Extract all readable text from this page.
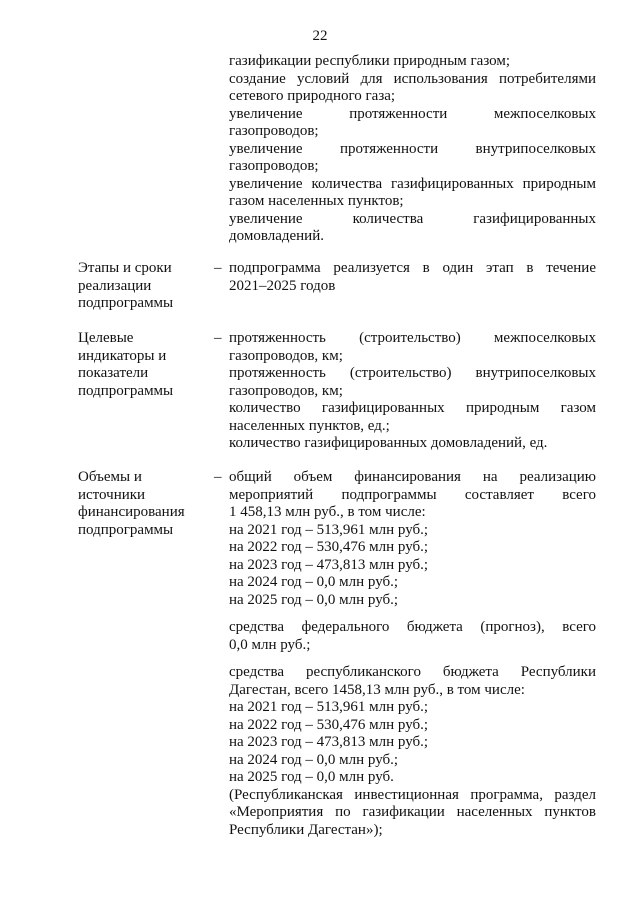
22
газификации республики природным газом;
создание условий для использования потребителями
сетевого природного газа;
увеличение протяженности межпоселковых
газопроводов;
увеличение протяженности внутрипоселковых
газопроводов;
увеличение количества газифицированных природным
газом населенных пунктов;
увеличение количества газифицированных
домовладений.
Этапы и сроки
реализации
подпрограммы
– подпрограмма реализуется в один этап в течение
2021–2025 годов
Целевые
индикаторы и
показатели
подпрограммы
– протяженность (строительство) межпоселковых
газопроводов, км;
протяженность (строительство) внутрипоселковых
газопроводов, км;
количество газифицированных природным газом
населенных пунктов, ед.;
количество газифицированных домовладений, ед.
Объемы и
источники
финансирования
подпрограммы
– общий объем финансирования на реализацию
мероприятий подпрограммы составляет всего
1 458,13 млн руб., в том числе:
на 2021 год – 513,961 млн руб.;
на 2022 год – 530,476 млн руб.;
на 2023 год – 473,813 млн руб.;
на 2024 год – 0,0 млн руб.;
на 2025 год – 0,0 млн руб.;
средства федерального бюджета (прогноз), всего
0,0 млн руб.;
средства республиканского бюджета Республики
Дагестан, всего 1458,13 млн руб., в том числе:
на 2021 год – 513,961 млн руб.;
на 2022 год – 530,476 млн руб.;
на 2023 год – 473,813 млн руб.;
на 2024 год – 0,0 млн руб.;
на 2025 год – 0,0 млн руб.
(Республиканская инвестиционная программа, раздел
«Мероприятия по газификации населенных пунктов
Республики Дагестан»);
